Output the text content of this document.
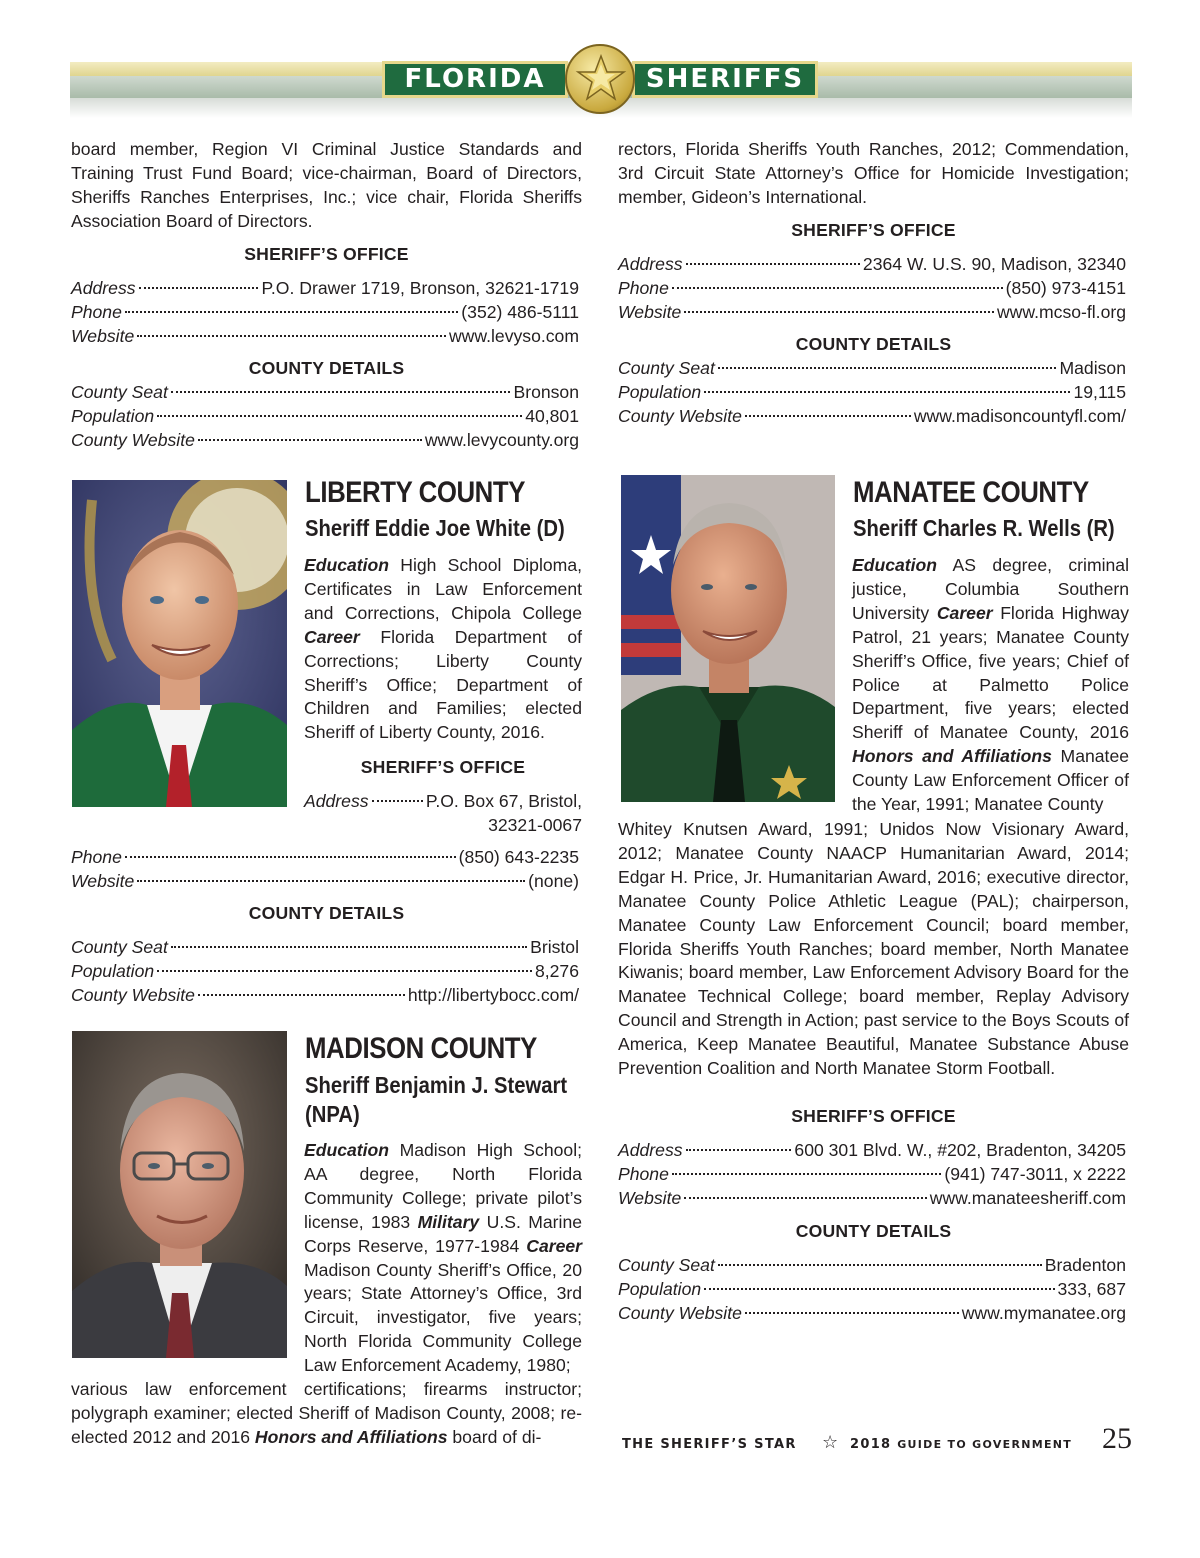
FLORIDA	SHERIFFS
board member, Region VI Criminal Justice Standards and Training Trust Fund Board; vice-chairman, Board of Directors, Sheriffs Ranches Enterprises, Inc.; vice chair, Florida Sheriffs Association Board of Directors.
SHERIFF’S OFFICE
Address	P.O. Drawer 1719, Bronson, 32621-1719
Phone	(352) 486-5111
Website	www.levyso.com
COUNTY DETAILS
County Seat	Bronson
Population	40,801
County Website	www.levycounty.org
LIBERTY COUNTY
Sheriff Eddie Joe White (D)
Education High School Diploma, Certificates in Law Enforcement and Corrections, Chipola College Career Florida Department of Corrections; Liberty County Sheriff’s Office; Department of Children and Families; elected Sheriff of Liberty County, 2016.
SHERIFF’S OFFICE
Address	P.O. Box 67, Bristol,
32321-0067
Phone	(850) 643-2235
Website	(none)
COUNTY DETAILS
County Seat	Bristol
Population	8,276
County Website	http://libertybocc.com/
MADISON COUNTY
Sheriff Benjamin J. Stewart
(NPA)
Education Madison High School; AA degree, North Florida Community College; private pilot’s license, 1983 Military U.S. Marine Corps Reserve, 1977-1984 Career Madison County Sheriff’s Office, 20 years; State Attorney’s Office, 3rd Circuit, investigator, five years; North Florida Community College Law Enforcement Academy, 1980;
various law enforcement certifications; firearms instructor; polygraph examiner; elected Sheriff of Madison County, 2008; re-elected 2012 and 2016 Honors and Affiliations board of di-
rectors, Florida Sheriffs Youth Ranches, 2012; Commendation, 3rd Circuit State Attorney’s Office for Homicide Investigation; member, Gideon’s International.
SHERIFF’S OFFICE
Address	2364 W. U.S. 90, Madison, 32340
Phone	(850) 973-4151
Website	www.mcso-fl.org
COUNTY DETAILS
County Seat	Madison
Population	19,115
County Website	www.madisoncountyfl.com/
MANATEE COUNTY
Sheriff Charles R. Wells (R)
Education AS degree, criminal justice, Columbia Southern University Career Florida Highway Patrol, 21 years; Manatee County Sheriff’s Office, five years; Chief of Police at Palmetto Police Department, five years; elected Sheriff of Manatee County, 2016 Honors and Affiliations Manatee County Law Enforcement Officer of the Year, 1991; Manatee County
Whitey Knutsen Award, 1991; Unidos Now Visionary Award, 2012; Manatee County NAACP Humanitarian Award, 2014; Edgar H. Price, Jr. Humanitarian Award, 2016; executive director, Manatee County Police Athletic League (PAL); chairperson, Manatee County Law Enforcement Council; board member, Florida Sheriffs Youth Ranches; board member, North Manatee Kiwanis; board member, Law Enforcement Advisory Board for the Manatee Technical College; board member, Replay Advisory Council and Strength in Action; past service to the Boys Scouts of America, Keep Manatee Beautiful, Manatee Substance Abuse Prevention Coalition and North Manatee Storm Football.
SHERIFF’S OFFICE
Address	600 301 Blvd. W., #202, Bradenton, 34205
Phone	(941) 747-3011, x 2222
Website	www.manateesheriff.com
COUNTY DETAILS
County Seat	Bradenton
Population	333, 687
County Website	www.mymanatee.org
THE SHERIFF’S STAR ☆ 2018 GUIDE TO GOVERNMENT 25
